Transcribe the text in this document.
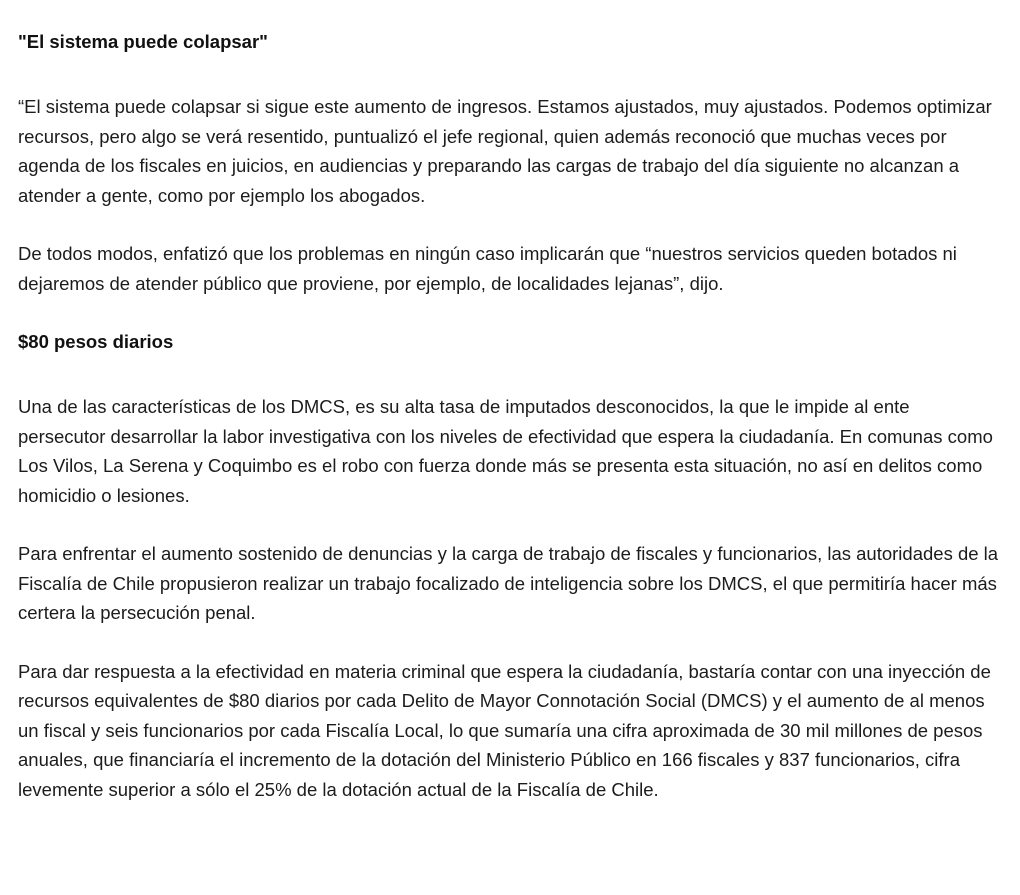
"El sistema puede colapsar"

“El sistema puede colapsar si sigue este aumento de ingresos. Estamos ajustados, muy ajustados. Podemos optimizar recursos, pero algo se verá resentido, puntualizó el jefe regional, quien además reconoció que muchas veces por agenda de los fiscales en juicios, en audiencias y preparando las cargas de trabajo del día siguiente no alcanzan a atender a gente, como por ejemplo los abogados.

De todos modos, enfatizó que los problemas en ningún caso implicarán que “nuestros servicios queden botados ni dejaremos de atender público que proviene, por ejemplo, de localidades lejanas”, dijo.

$80 pesos diarios

Una de las características de los DMCS, es su alta tasa de imputados desconocidos, la que le impide al ente persecutor desarrollar la labor investigativa con los niveles de efectividad que espera la ciudadanía. En comunas como Los Vilos, La Serena y Coquimbo es el robo con fuerza donde más se presenta esta situación, no así en delitos como homicidio o lesiones.

Para enfrentar el aumento sostenido de denuncias y la carga de trabajo de fiscales y funcionarios, las autoridades de la Fiscalía de Chile propusieron realizar un trabajo focalizado de inteligencia sobre los DMCS, el que permitiría hacer más certera la persecución penal.

Para dar respuesta a la efectividad en materia criminal que espera la ciudadanía, bastaría contar con una inyección de recursos equivalentes de $80 diarios por cada Delito de Mayor Connotación Social (DMCS) y el aumento de al menos un fiscal y seis funcionarios por cada Fiscalía Local, lo que sumaría una cifra aproximada de 30 mil millones de pesos anuales, que financiaría el incremento de la dotación del Ministerio Público en 166 fiscales y 837 funcionarios, cifra levemente superior a sólo el 25% de la dotación actual de la Fiscalía de Chile.
